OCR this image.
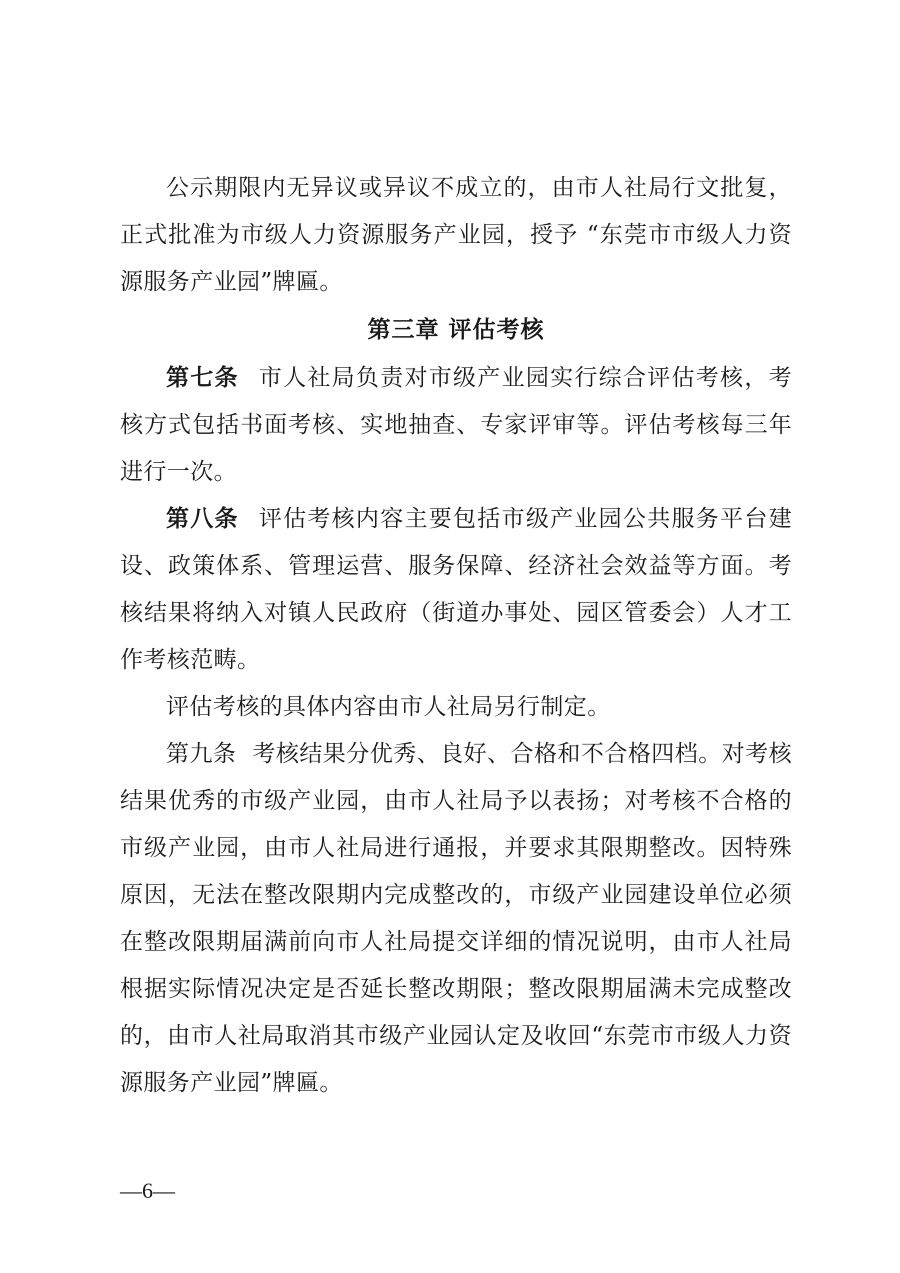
公示期限内无异议或异议不成立的，由市人社局行文批复，正式批准为市级人力资源服务产业园，授予 “东莞市市级人力资源服务产业园”牌匾。

第三章 评估考核

第七条 市人社局负责对市级产业园实行综合评估考核，考核方式包括书面考核、实地抽查、专家评审等。评估考核每三年进行一次。

第八条 评估考核内容主要包括市级产业园公共服务平台建设、政策体系、管理运营、服务保障、经济社会效益等方面。考核结果将纳入对镇人民政府（街道办事处、园区管委会）人才工作考核范畴。

评估考核的具体内容由市人社局另行制定。

第九条 考核结果分优秀、良好、合格和不合格四档。对考核结果优秀的市级产业园，由市人社局予以表扬；对考核不合格的市级产业园，由市人社局进行通报，并要求其限期整改。因特殊原因，无法在整改限期内完成整改的，市级产业园建设单位必须在整改限期届满前向市人社局提交详细的情况说明，由市人社局根据实际情况决定是否延长整改期限；整改限期届满未完成整改的，由市人社局取消其市级产业园认定及收回“东莞市市级人力资源服务产业园”牌匾。

—6—
